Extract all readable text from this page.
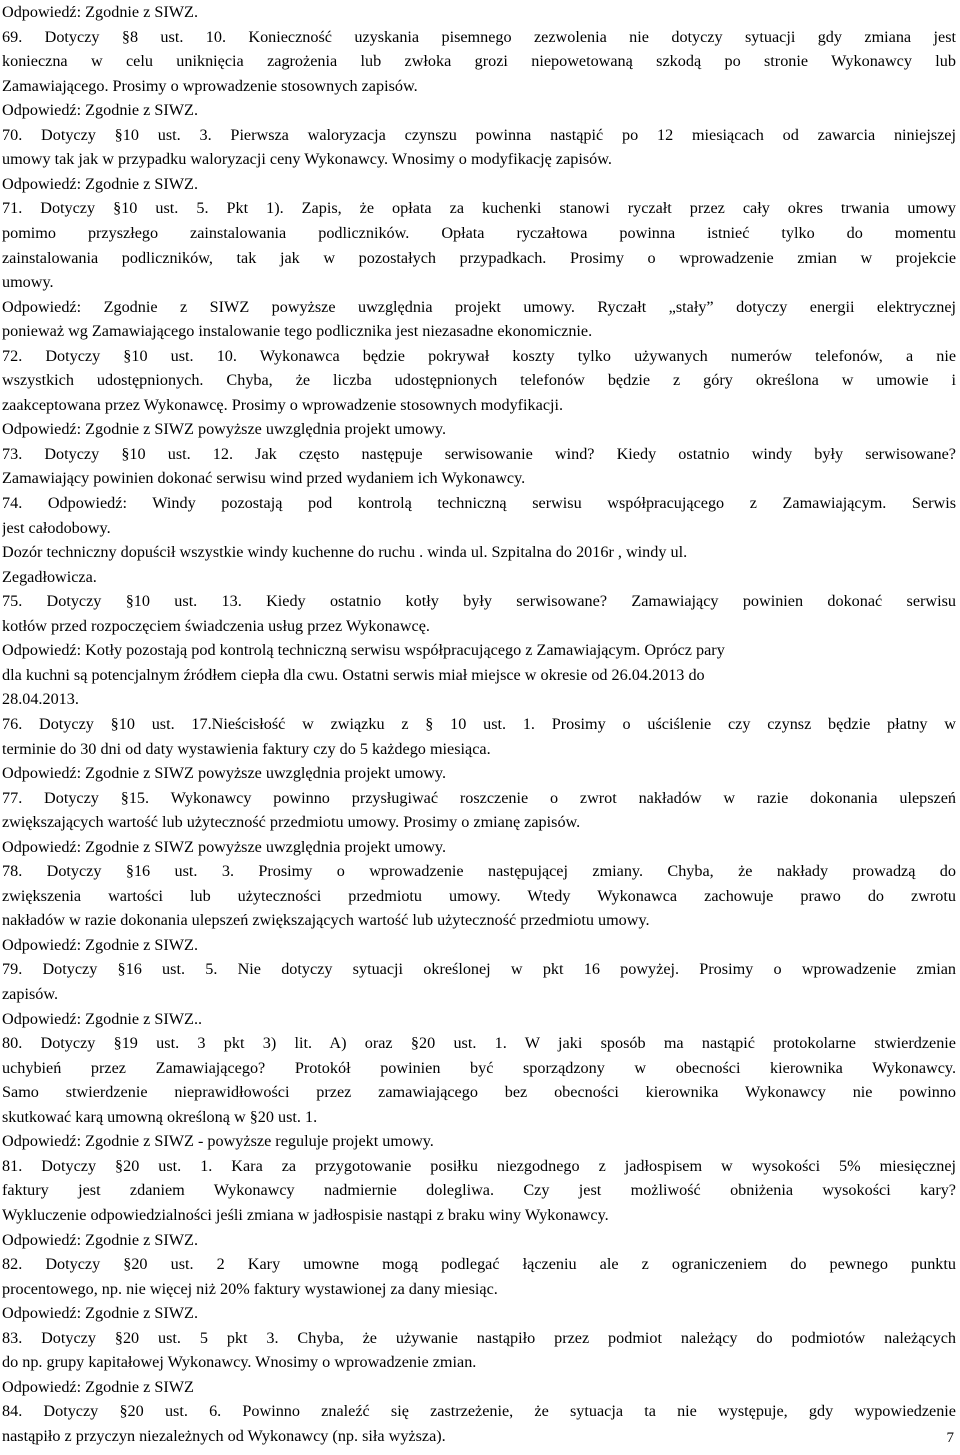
7
Odpowiedź: Zgodnie z SIWZ.
69. Dotyczy §8 ust. 10. Konieczność uzyskania pisemnego zezwolenia nie dotyczy sytuacji gdy zmiana jest
konieczna w celu uniknięcia zagrożenia lub zwłoka grozi niepowetowaną szkodą po stronie Wykonawcy lub
Zamawiającego. Prosimy o wprowadzenie stosownych zapisów.
Odpowiedź: Zgodnie z SIWZ.
70. Dotyczy §10 ust. 3. Pierwsza waloryzacja czynszu powinna nastąpić po 12 miesiącach od zawarcia niniejszej
umowy tak jak w przypadku waloryzacji ceny Wykonawcy. Wnosimy o modyfikację zapisów.
Odpowiedź: Zgodnie z SIWZ.
71. Dotyczy §10 ust. 5. Pkt 1). Zapis, że opłata za kuchenki stanowi ryczałt przez cały okres trwania umowy
pomimo przyszłego zainstalowania podliczników. Opłata ryczałtowa powinna istnieć tylko do momentu
zainstalowania podliczników, tak jak w pozostałych przypadkach. Prosimy o wprowadzenie zmian w projekcie
umowy.
Odpowiedź: Zgodnie z SIWZ powyższe uwzględnia projekt umowy. Ryczałt „stały” dotyczy energii elektrycznej
ponieważ wg Zamawiającego instalowanie tego podlicznika jest niezasadne ekonomicznie.
72. Dotyczy §10 ust. 10. Wykonawca będzie pokrywał koszty tylko używanych numerów telefonów, a nie
wszystkich udostępnionych. Chyba, że liczba udostępnionych telefonów będzie z góry określona w umowie i
zaakceptowana przez Wykonawcę. Prosimy o wprowadzenie stosownych modyfikacji.
Odpowiedź: Zgodnie z SIWZ powyższe uwzględnia projekt umowy.
73. Dotyczy §10 ust. 12. Jak często następuje serwisowanie wind? Kiedy ostatnio windy były serwisowane?
Zamawiający powinien dokonać serwisu wind przed wydaniem ich Wykonawcy.
74. Odpowiedź: Windy pozostają pod kontrolą techniczną serwisu współpracującego z Zamawiającym. Serwis
jest całodobowy.
Dozór techniczny dopuścił wszystkie windy kuchenne do ruchu . winda ul. Szpitalna do 2016r , windy ul.
Zegadłowicza.
75. Dotyczy §10 ust. 13. Kiedy ostatnio kotły były serwisowane? Zamawiający powinien dokonać serwisu
kotłów przed rozpoczęciem świadczenia usług przez Wykonawcę.
Odpowiedź: Kotły pozostają pod kontrolą techniczną serwisu współpracującego z Zamawiającym. Oprócz pary
dla kuchni są potencjalnym źródłem ciepła dla cwu. Ostatni serwis miał miejsce w okresie od 26.04.2013 do
28.04.2013.
76. Dotyczy §10 ust. 17.Nieścisłość w związku z § 10 ust. 1. Prosimy o uściślenie czy czynsz będzie płatny w
terminie do 30 dni od daty wystawienia faktury czy do 5 każdego miesiąca.
Odpowiedź: Zgodnie z SIWZ powyższe uwzględnia projekt umowy.
77. Dotyczy §15. Wykonawcy powinno przysługiwać roszczenie o zwrot nakładów w razie dokonania ulepszeń
zwiększających wartość lub użyteczność przedmiotu umowy. Prosimy o zmianę zapisów.
Odpowiedź: Zgodnie z SIWZ powyższe uwzględnia projekt umowy.
78. Dotyczy §16 ust. 3. Prosimy o wprowadzenie następującej zmiany. Chyba, że nakłady prowadzą do
zwiększenia wartości lub użyteczności przedmiotu umowy. Wtedy Wykonawca zachowuje prawo do zwrotu
nakładów w razie dokonania ulepszeń zwiększających wartość lub użyteczność przedmiotu umowy.
Odpowiedź: Zgodnie z SIWZ.
79. Dotyczy §16 ust. 5. Nie dotyczy sytuacji określonej w pkt 16 powyżej. Prosimy o wprowadzenie zmian
zapisów.
Odpowiedź: Zgodnie z SIWZ..
80. Dotyczy §19 ust. 3 pkt 3) lit. A) oraz §20 ust. 1. W jaki sposób ma nastąpić protokolarne stwierdzenie
uchybień przez Zamawiającego? Protokół powinien być sporządzony w obecności kierownika Wykonawcy.
Samo stwierdzenie nieprawidłowości przez zamawiającego bez obecności kierownika Wykonawcy nie powinno
skutkować karą umowną określoną w §20 ust. 1.
Odpowiedź: Zgodnie z SIWZ - powyższe reguluje projekt umowy.
81. Dotyczy §20 ust. 1. Kara za przygotowanie posiłku niezgodnego z jadłospisem w wysokości 5% miesięcznej
faktury jest zdaniem Wykonawcy nadmiernie dolegliwa. Czy jest możliwość obniżenia wysokości kary?
Wykluczenie odpowiedzialności jeśli zmiana w jadłospisie nastąpi z braku winy Wykonawcy.
Odpowiedź: Zgodnie z SIWZ.
82. Dotyczy §20 ust. 2 Kary umowne mogą podlegać łączeniu ale z ograniczeniem do pewnego punktu
procentowego, np. nie więcej niż 20% faktury wystawionej za dany miesiąc.
Odpowiedź: Zgodnie z SIWZ.
83. Dotyczy §20 ust. 5 pkt 3. Chyba, że używanie nastąpiło przez podmiot należący do podmiotów należących
do np. grupy kapitałowej Wykonawcy. Wnosimy o wprowadzenie zmian.
Odpowiedź: Zgodnie z SIWZ
84. Dotyczy §20 ust. 6. Powinno znaleźć się zastrzeżenie, że sytuacja ta nie występuje, gdy wypowiedzenie
nastąpiło z przyczyn niezależnych od Wykonawcy (np. siła wyższa).
